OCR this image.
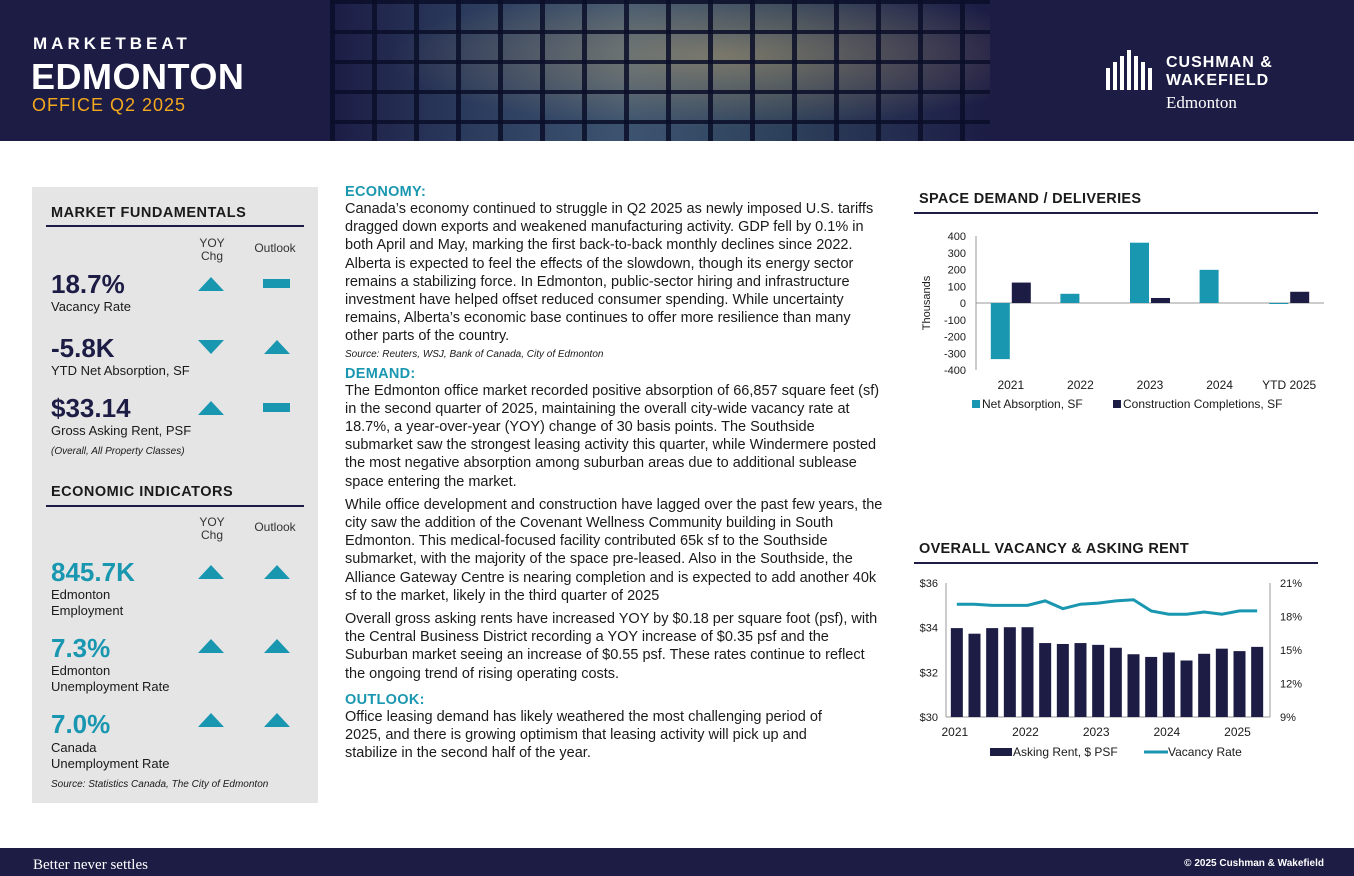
MARKETBEAT
EDMONTON
OFFICE Q2 2025
CUSHMAN &
WAKEFIELD
Edmonton
MARKET FUNDAMENTALS
YOY
Chg
Outlook
18.7%
Vacancy Rate
-5.8K
YTD Net Absorption, SF
$33.14
Gross Asking Rent, PSF
(Overall, All Property Classes)
ECONOMIC INDICATORS
YOY
Chg
Outlook
845.7K
Edmonton
Employment
7.3%
Edmonton
Unemployment Rate
7.0%
Canada
Unemployment Rate
Source: Statistics Canada, The City of Edmonton
ECONOMY:
Canada’s economy continued to struggle in Q2 2025 as newly imposed U.S. tariffs dragged down exports and weakened manufacturing activity. GDP fell by 0.1% in both April and May, marking the first back-to-back monthly declines since 2022. Alberta is expected to feel the effects of the slowdown, though its energy sector remains a stabilizing force. In Edmonton, public-sector hiring and infrastructure investment have helped offset reduced consumer spending. While uncertainty remains, Alberta’s economic base continues to offer more resilience than many other parts of the country.
Source: Reuters, WSJ, Bank of Canada, City of Edmonton
DEMAND:
The Edmonton office market recorded positive absorption of 66,857 square feet (sf) in the second quarter of 2025, maintaining the overall city-wide vacancy rate at 18.7%, a year-over-year (YOY) change of 30 basis points. The Southside submarket saw the strongest leasing activity this quarter, while Windermere posted the most negative absorption among suburban areas due to additional sublease space entering the market.
While office development and construction have lagged over the past few years, the city saw the addition of the Covenant Wellness Community building in South Edmonton. This medical-focused facility contributed 65k sf to the Southside submarket, with the majority of the space pre-leased. Also in the Southside, the Alliance Gateway Centre is nearing completion and is expected to add another 40k sf to the market, likely in the third quarter of 2025
Overall gross asking rents have increased YOY by $0.18 per square foot (psf), with the Central Business District recording a YOY increase of $0.35 psf and the Suburban market seeing an increase of $0.55 psf. These rates continue to reflect the ongoing trend of rising operating costs.
OUTLOOK:
Office leasing demand has likely weathered the most challenging period of 2025, and there is growing optimism that leasing activity will pick up and stabilize in the second half of the year.
SPACE DEMAND / DELIVERIES
400
300
200
100
0
-100
-200
-300
-400
Thousands
2021	2022	2023	2024 YTD 2025
Net Absorption, SF	Construction Completions, SF
OVERALL VACANCY & ASKING RENT
$36
$34
$32
$30
21%
18%
15%
12%
9%
2021	2022	2023	2024	2025
Asking Rent, $ PSF	Vacancy Rate
Better never settles	© 2025 Cushman & Wakefield
